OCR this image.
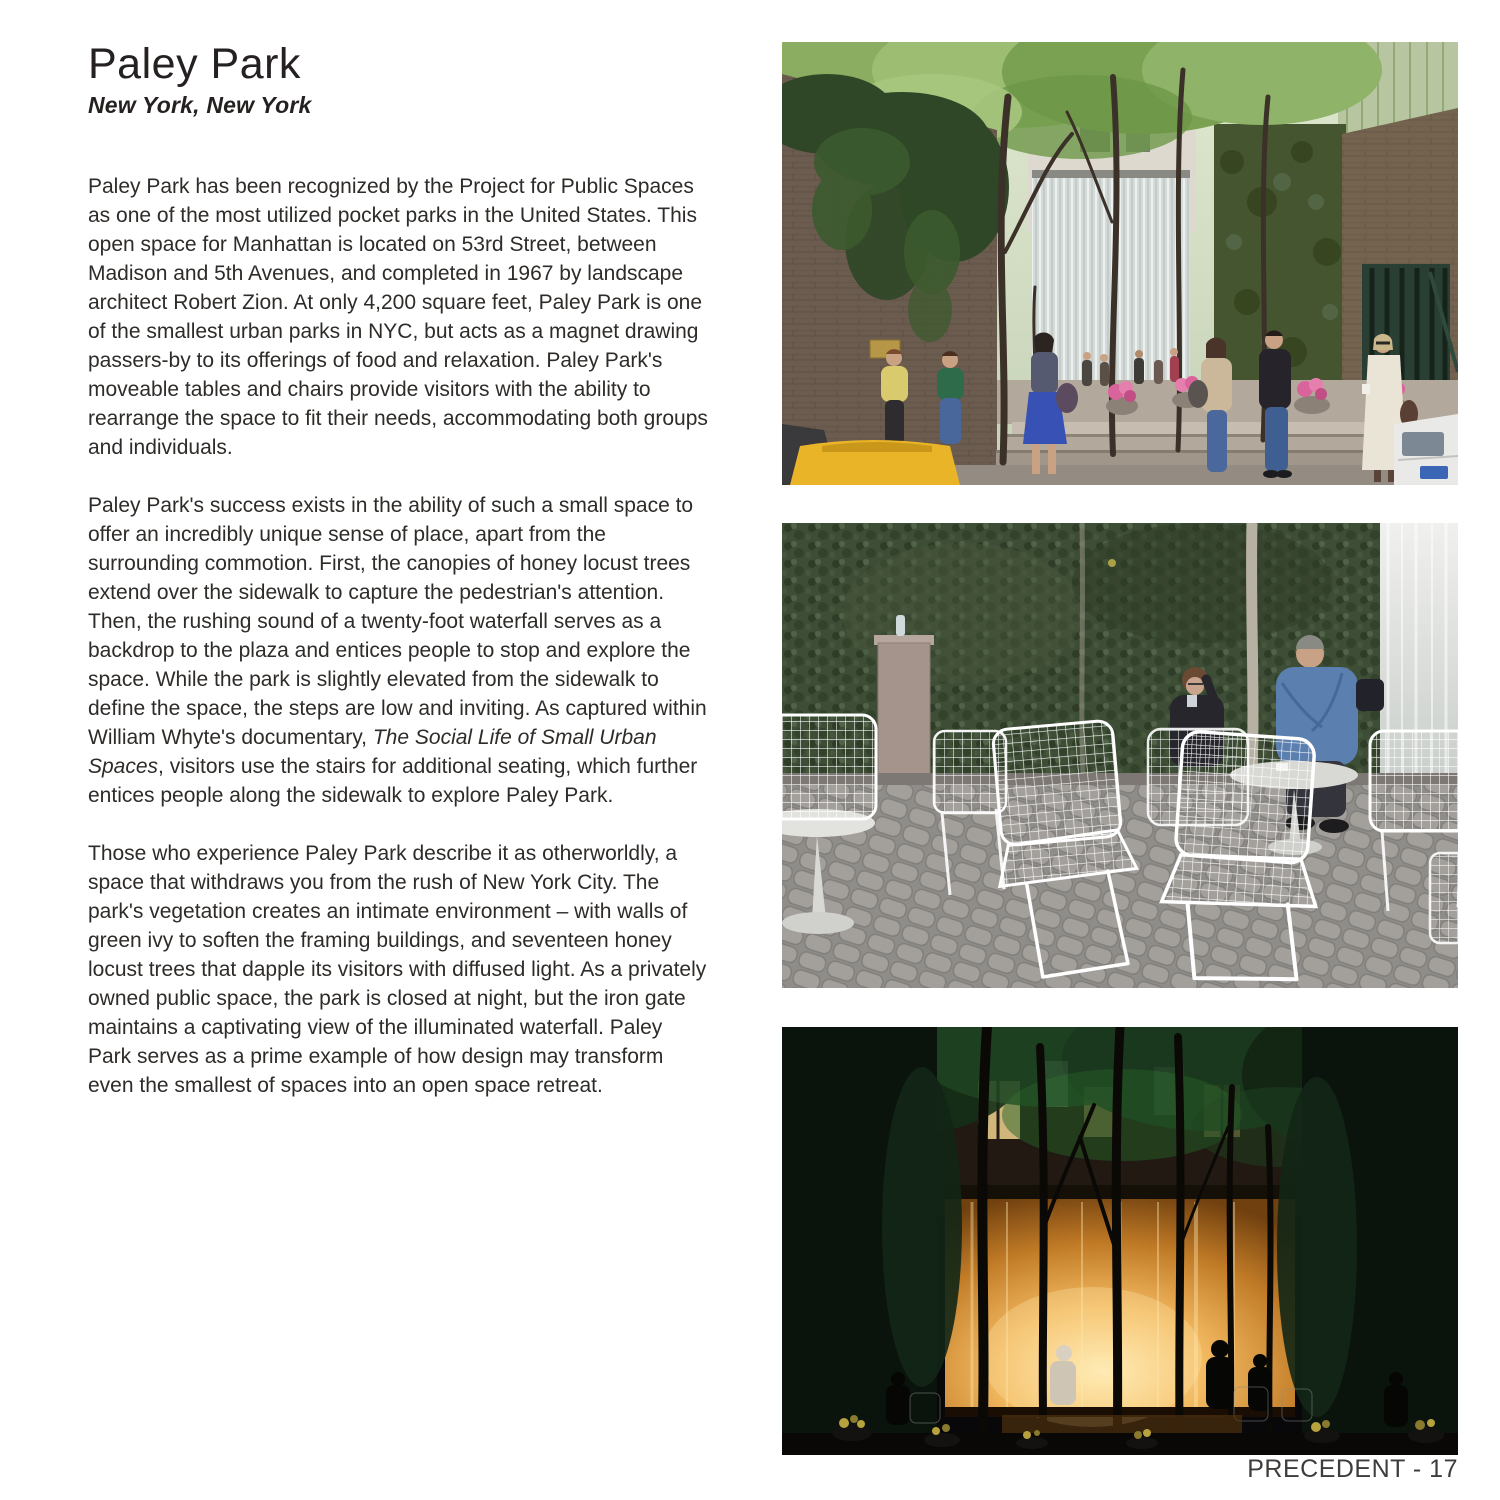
Paley Park
New York, New York

Paley Park has been recognized by the Project for Public Spaces as one of the most utilized pocket parks in the United States. This open space for Manhattan is located on 53rd Street, between Madison and 5th Avenues, and completed in 1967 by landscape architect Robert Zion. At only 4,200 square feet, Paley Park is one of the smallest urban parks in NYC, but acts as a magnet drawing passers-by to its offerings of food and relaxation. Paley Park's moveable tables and chairs provide visitors with the ability to rearrange the space to fit their needs, accommodating both groups and individuals.

Paley Park's success exists in the ability of such a small space to offer an incredibly unique sense of place, apart from the surrounding commotion. First, the canopies of honey locust trees extend over the sidewalk to capture the pedestrian's attention. Then, the rushing sound of a twenty-foot waterfall serves as a backdrop to the plaza and entices people to stop and explore the space. While the park is slightly elevated from the sidewalk to define the space, the steps are low and inviting. As captured within William Whyte's documentary, The Social Life of Small Urban Spaces, visitors use the stairs for additional seating, which further entices people along the sidewalk to explore Paley Park.

Those who experience Paley Park describe it as otherworldly, a space that withdraws you from the rush of New York City. The park's vegetation creates an intimate environment – with walls of green ivy to soften the framing buildings, and seventeen honey locust trees that dapple its visitors with diffused light. As a privately owned public space, the park is closed at night, but the iron gate maintains a captivating view of the illuminated waterfall. Paley Park serves as a prime example of how design may transform even the smallest of spaces into an open space retreat.

PRECEDENT - 17
